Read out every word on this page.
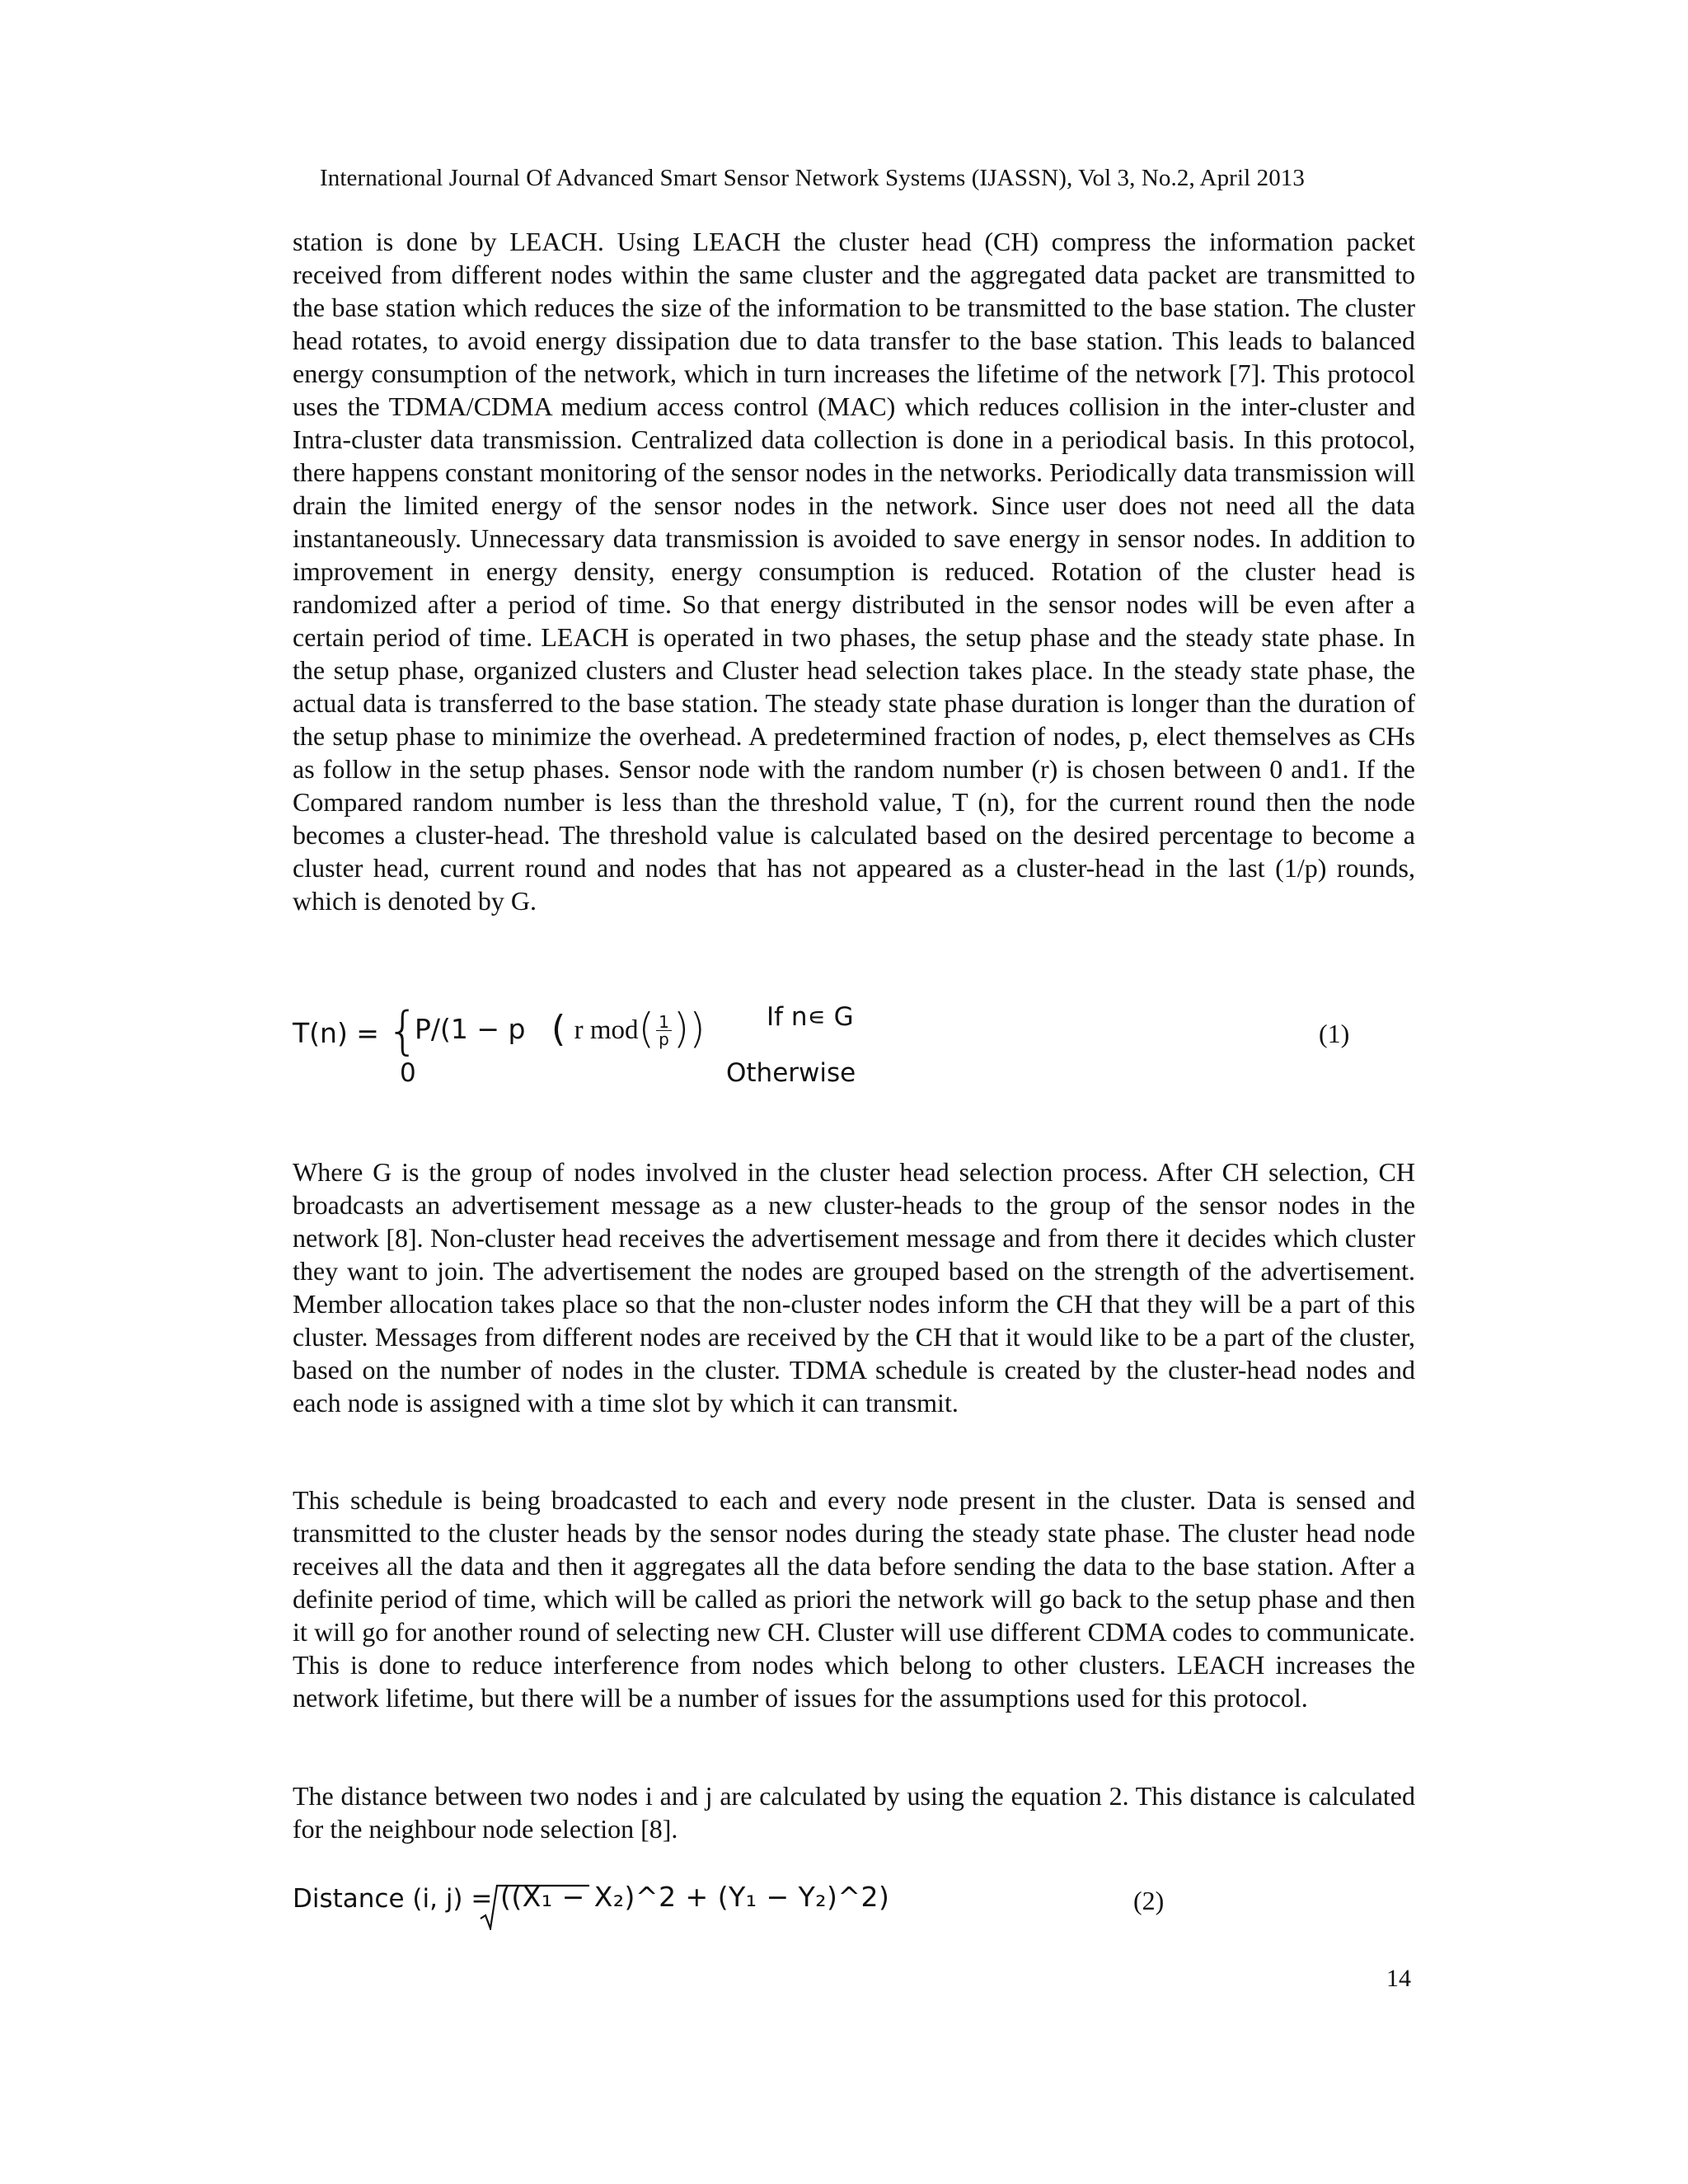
International Journal Of Advanced Smart Sensor Network Systems (IJASSN), Vol 3, No.2, April 2013

station is done by LEACH. Using LEACH the cluster head (CH) compress the information packet received from different nodes within the same cluster and the aggregated data packet are transmitted to the base station which reduces the size of the information to be transmitted to the base station. The cluster head rotates, to avoid energy dissipation due to data transfer to the base station. This leads to balanced energy consumption of the network, which in turn increases the lifetime of the network [7]. This protocol uses the TDMA/CDMA medium access control (MAC) which reduces collision in the inter-cluster and Intra-cluster data transmission. Centralized data collection is done in a periodical basis. In this protocol, there happens constant monitoring of the sensor nodes in the networks. Periodically data transmission will drain the limited energy of the sensor nodes in the network. Since user does not need all the data instantaneously. Unnecessary data transmission is avoided to save energy in sensor nodes. In addition to improvement in energy density, energy consumption is reduced. Rotation of the cluster head is randomized after a period of time. So that energy distributed in the sensor nodes will be even after a certain period of time. LEACH is operated in two phases, the setup phase and the steady state phase. In the setup phase, organized clusters and Cluster head selection takes place. In the steady state phase, the actual data is transferred to the base station. The steady state phase duration is longer than the duration of the setup phase to minimize the overhead. A predetermined fraction of nodes, p, elect themselves as CHs as follow in the setup phases. Sensor node with the random number (r) is chosen between 0 and1. If the Compared random number is less than the threshold value, T (n), for the current round then the node becomes a cluster-head. The threshold value is calculated based on the desired percentage to become a cluster head, current round and nodes that has not appeared as a cluster-head in the last (1/p) rounds, which is denoted by G.

T(n) = {
P/(1 − p ( r $mod( \frac{1}{p}$ )) If n∊ G
0	Otherwise
(1)

Where G is the group of nodes involved in the cluster head selection process. After CH selection, CH broadcasts an advertisement message as a new cluster-heads to the group of the sensor nodes in the network [8]. Non-cluster head receives the advertisement message and from there it decides which cluster they want to join. The advertisement the nodes are grouped based on the strength of the advertisement. Member allocation takes place so that the non-cluster nodes inform the CH that they will be a part of this cluster. Messages from different nodes are received by the CH that it would like to be a part of the cluster, based on the number of nodes in the cluster. TDMA schedule is created by the cluster-head nodes and each node is assigned with a time slot by which it can transmit.

This schedule is being broadcasted to each and every node present in the cluster. Data is sensed and transmitted to the cluster heads by the sensor nodes during the steady state phase. The cluster head node receives all the data and then it aggregates all the data before sending the data to the base station. After a definite period of time, which will be called as priori the network will go back to the setup phase and then it will go for another round of selecting new CH. Cluster will use different CDMA codes to communicate. This is done to reduce interference from nodes which belong to other clusters. LEACH increases the network lifetime, but there will be a number of issues for the assumptions used for this protocol.

The distance between two nodes i and j are calculated by using the equation 2. This distance is calculated for the neighbour node selection [8].

Distance (i, j) = ((X₁ − X₂)^2 + (Y₁ − Y₂)^2)	(2)
14
